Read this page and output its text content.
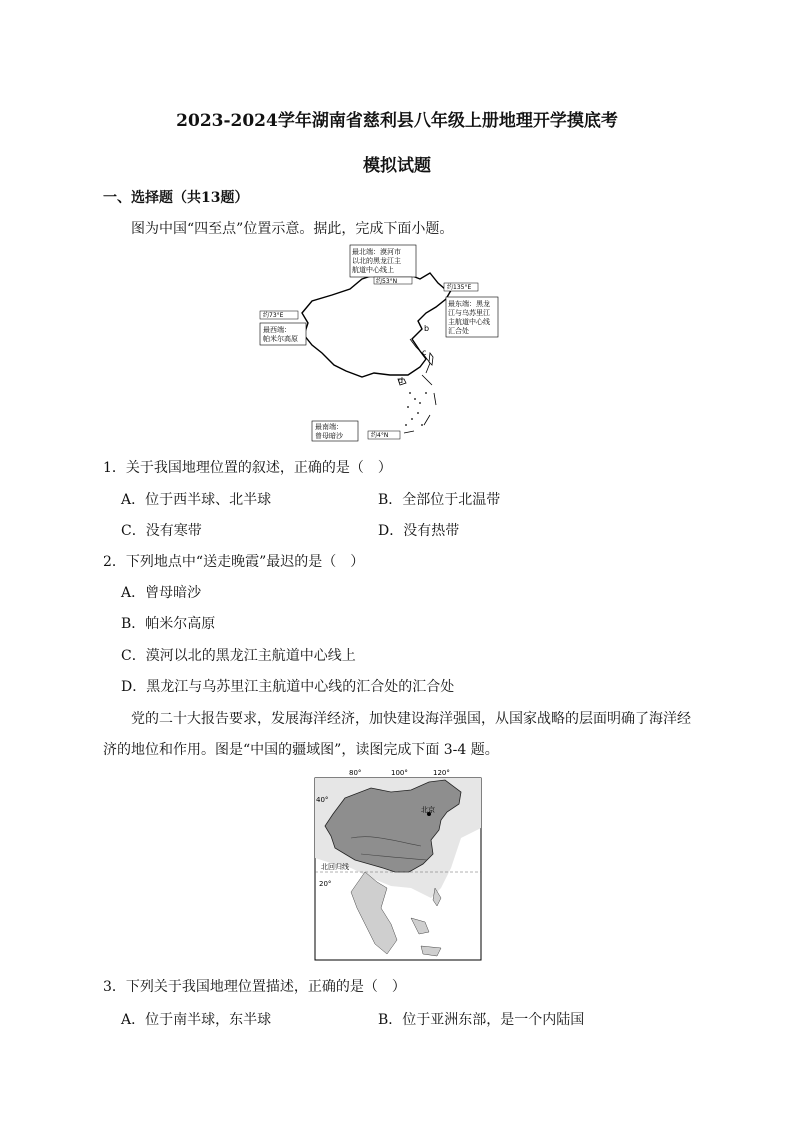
2023-2024学年湖南省慈利县八年级上册地理开学摸底考
模拟试题
一、选择题（共13题）
图为中国“四至点”位置示意。据此，完成下面小题。
最北端：漠河市
以北的黑龙江主
航道中心线上
约53°N
约135°E
最东端：黑龙
江与乌苏里江
主航道中心线
汇合处
约73°E
最西端：
帕米尔高原
最南端：
曾母暗沙	约4°N
b
c
d
1．关于我国地理位置的叙述，正确的是（　）
A．位于西半球、北半球	B．全部位于北温带
C．没有寒带	D．没有热带
2．下列地点中“送走晚霞”最迟的是（　）
A．曾母暗沙
B．帕米尔高原
C．漠河以北的黑龙江主航道中心线上
D．黑龙江与乌苏里江主航道中心线的汇合处的汇合处
党的二十大报告要求，发展海洋经济，加快建设海洋强国，从国家战略的层面明确了海洋经
济的地位和作用。图是“中国的疆域图”，读图完成下面 3-4 题。
北京
北回归线
80°	100°	120°
40°
20°
3．下列关于我国地理位置描述，正确的是（　）
A．位于南半球，东半球	B．位于亚洲东部，是一个内陆国
